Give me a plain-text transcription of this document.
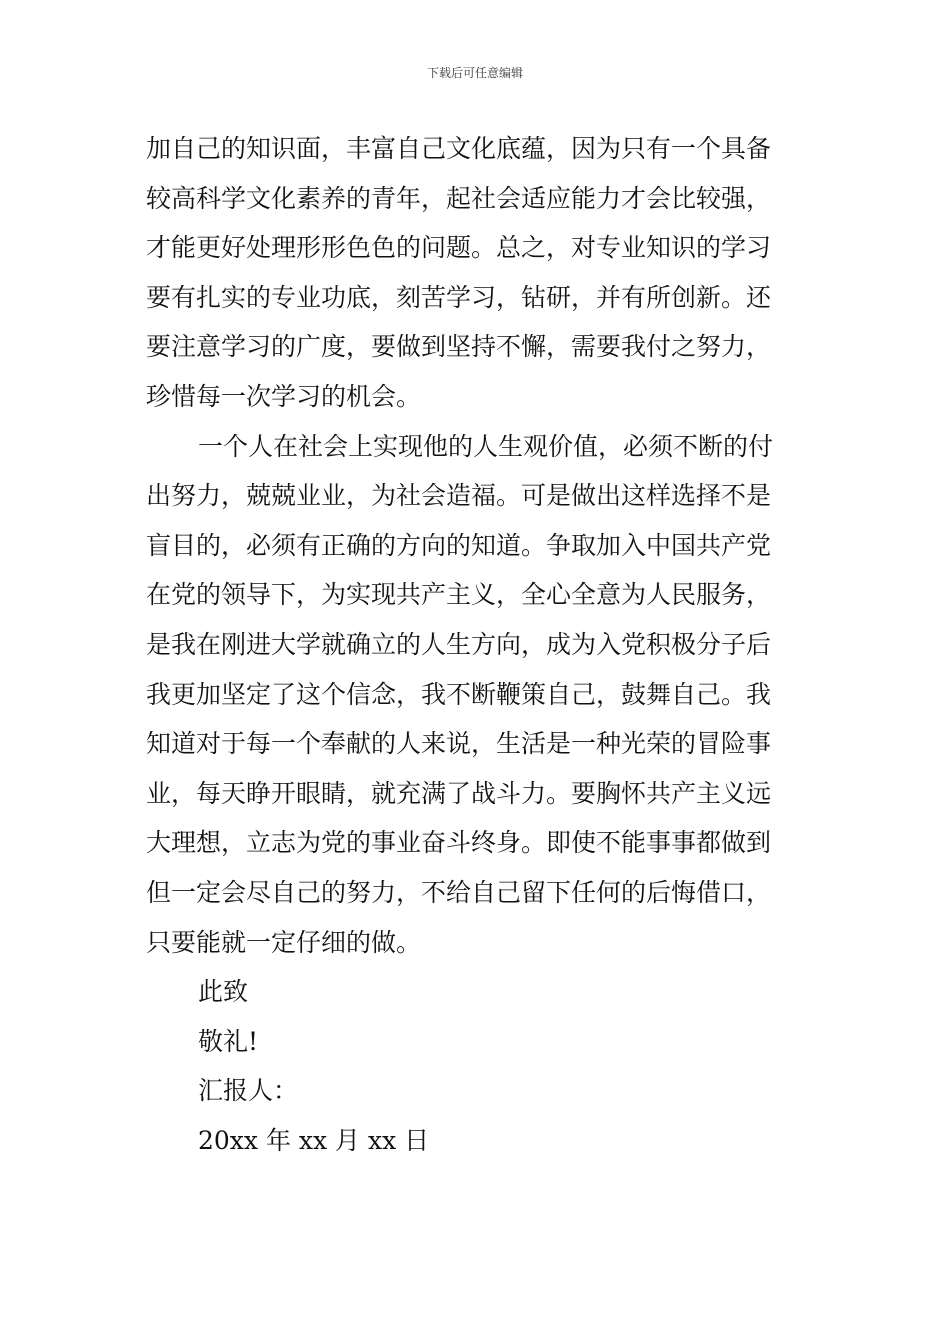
下载后可任意编辑
加自己的知识面，丰富自己文化底蕴，因为只有一个具备
较高科学文化素养的青年，起社会适应能力才会比较强，
才能更好处理形形色色的问题。总之，对专业知识的学习
要有扎实的专业功底，刻苦学习，钻研，并有所创新。还
要注意学习的广度，要做到坚持不懈，需要我付之努力，
珍惜每一次学习的机会。
一个人在社会上实现他的人生观价值，必须不断的付
出努力，兢兢业业，为社会造福。可是做出这样选择不是
盲目的，必须有正确的方向的知道。争取加入中国共产党
在党的领导下，为实现共产主义，全心全意为人民服务，
是我在刚进大学就确立的人生方向，成为入党积极分子后
我更加坚定了这个信念，我不断鞭策自己，鼓舞自己。我
知道对于每一个奉献的人来说，生活是一种光荣的冒险事
业，每天睁开眼睛，就充满了战斗力。要胸怀共产主义远
大理想，立志为党的事业奋斗终身。即使不能事事都做到
但一定会尽自己的努力，不给自己留下任何的后悔借口，
只要能就一定仔细的做。
此致
敬礼!
汇报人：
20xx 年 xx 月 xx 日
